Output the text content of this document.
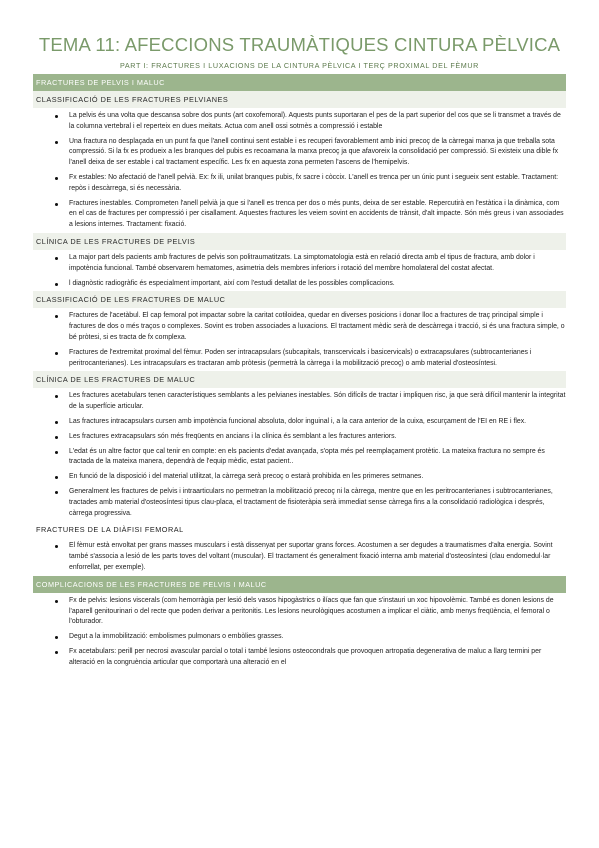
TEMA 11: AFECCIONS TRAUMÀTIQUES CINTURA PÈLVICA
PART I: FRACTURES I LUXACIONS DE LA CINTURA PÈLVICA I TERÇ PROXIMAL DEL FÈMUR
FRACTURES DE PELVIS I MALUC
CLASSIFICACIÓ DE LES FRACTURES PELVIANES
La pelvis és una volta que descansa sobre dos punts (art coxofemoral). Aquests punts suportaran el pes de la part superior del cos que se li transmet a través de la columna vertebral i el reperteix en dues meitats. Actua com anell ossi sotmès a compressió i estable
Una fractura no desplaçada en un punt fa que l'anell continui sent estable i es recuperi favorablement amb inici precoç de la càrregai marxa ja que treballa sota compressió. Si la fx es produeix a les branques del pubis es recoamana la marxa precoç ja que afavoreix la consolidació per compressió. Si existeix una dible fx l'anell deixa de ser estable i cal tractament específic. Les fx en aquesta zona permeten l'ascens de l'hemipelvis.
Fx estables: No afectació de l'anell pelvià. Ex: fx ili, unilat branques pubis, fx sacre i còccix. L'anell es trenca per un únic punt i segueix sent estable. Tractament: repòs i descàrrega, si és necessària.
Fractures inestables. Comprometen l'anell pelvià ja que si l'anell es trenca per dos o més punts, deixa de ser estable. Repercutirà en l'estàtica i la dinàmica, com en el cas de fractures per compressió i per cisallament. Aquestes fractures les veiem sovint en accidents de trànsit, d'alt impacte. Són més greus i van associades a lesions internes. Tractament: fixació.
CLÍNICA DE LES FRACTURES DE PELVIS
La major part dels pacients amb fractures de pelvis son politraumatitzats. La simptomatologia està en relació directa amb el tipus de fractura, amb dolor i impotència funcional. També observarem hematomes, asimetria dels membres inferiors i rotació del membre homolateral del costat afectat.
l diagnòstic radiogràfic és especialment important, així com l'estudi detallat de les possibles complicacions.
CLASSIFICACIÓ DE LES FRACTURES DE MALUC
Fractures de l'acetàbul. El cap femoral pot impactar sobre la caritat cotiloidea, quedar en diverses posicions i donar lloc a fractures de traç principal simple i fractures de dos o més traços o complexes. Sovint es troben associades a luxacions. El tractament mèdic serà de descàrrega i tracció, si és una fractura simple, o bé pròtesi, si es tracta de fx complexa.
Fractures de l'extremitat proximal del fèmur. Poden ser intracapsulars (subcapitals, transcervicals i basicervicals) o extracapsulares (subtrocanterianes i peritrocanterianes). Les intracapsulars es tractaran amb pròtesis (permetrà la càrrega i la mobilització precoç) o amb material d'osteosíntesi.
CLÍNICA DE LES FRACTURES DE MALUC
Les fractures acetabulars tenen característiques semblants a les pelvianes inestables. Són difícils de tractar i impliquen risc, ja que serà difícil mantenir la integritat de la superfície articular.
Las fractures intracapsulars cursen amb impotència funcional absoluta, dolor inguinal i, a la cara anterior de la cuixa, escurçament de l'EI en RE i flex.
Les fractures extracapsulars són més freqüents en ancians i la clínica és semblant a les fractures anteriors.
L'edat és un altre factor que cal tenir en compte: en els pacients d'edat avançada, s'opta més pel reemplaçament protètic. La mateixa fractura no sempre és tractada de la mateixa manera, dependrà de l'equip mèdic, estat pacient..
En funció de la disposició i del material utilitzat, la càrrega serà precoç o estarà prohibida en les primeres setmanes.
Generalment les fractures de pelvis i intraarticulars no permetran la mobilització precoç ni la càrrega, mentre que en les peritrocanterianes i subtrocanterianes, tractades amb material d'osteosíntesi tipus clau-placa, el tractament de fisioteràpia serà immediat sense càrrega fins a la consolidació radiològica i després, càrrega progressiva.
FRACTURES DE LA DIÀFISI FEMORAL
El fèmur està envoltat per grans masses musculars i està dissenyat per suportar grans forces. Acostumen a ser degudes a traumatismes d'alta energia. Sovint també s'associa a lesió de les parts toves del voltant (muscular). El tractament és generalment fixació interna amb material d'osteosíntesi (clau endomedul·lar enforrellat, per exemple).
COMPLICACIONS DE LES FRACTURES DE PELVIS I MALUC
Fx de pelvis: lesions viscerals (com hemorràgia per lesió dels vasos hipogàstrics o ilíacs que fan que s'instauri un xoc hipovolèmic. També es donen lesions de l'aparell genitourinari o del recte que poden derivar a peritonitis. Les lesions neurològiques acostumen a implicar el ciàtic, amb menys freqüència, el femoral o l'obturador.
Degut a la immobilització: embolismes pulmonars o embòlies grasses.
Fx acetabulars: perill per necrosi avascular parcial o total i també lesions osteocondrals que provoquen artropatia degenerativa de maluc a llarg termini per alteració en la congruència articular que comportarà una alteració en el
